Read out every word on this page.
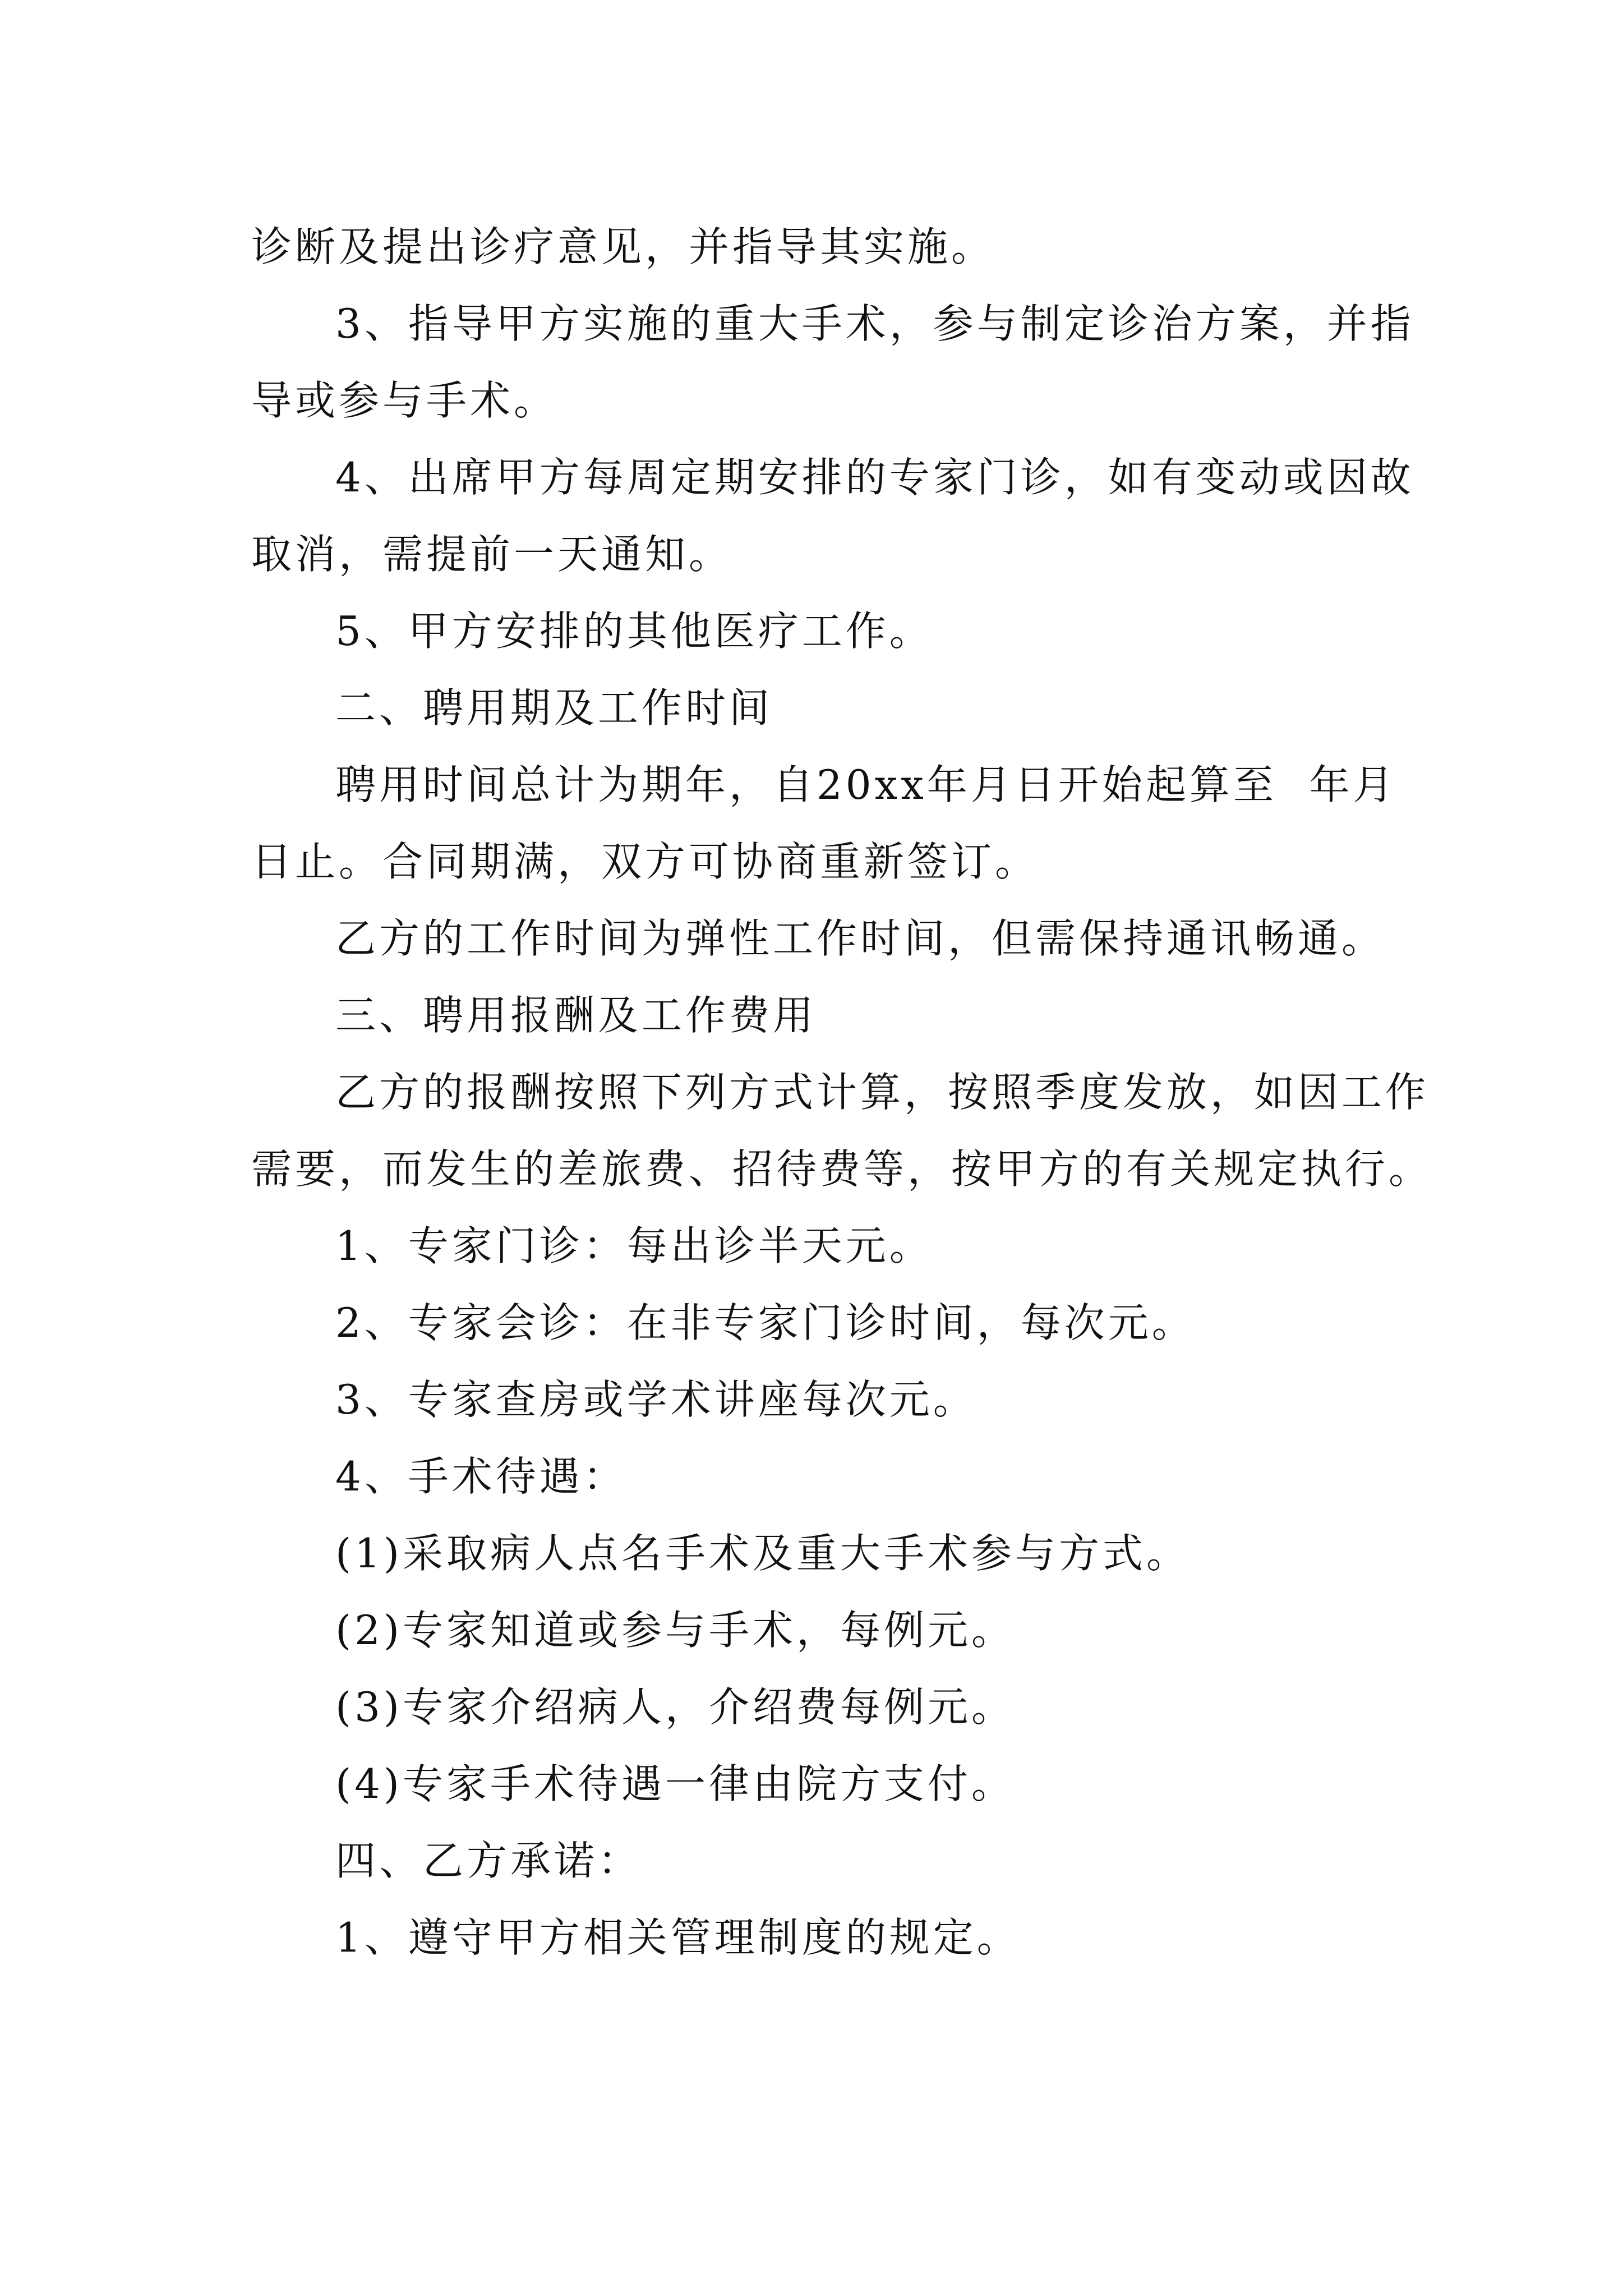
诊断及提出诊疗意见，并指导其实施。

3、指导甲方实施的重大手术，参与制定诊治方案，并指导或参与手术。

4、出席甲方每周定期安排的专家门诊，如有变动或因故取消，需提前一天通知。

5、甲方安排的其他医疗工作。

二、聘用期及工作时间

聘用时间总计为期年，自20xx年月日开始起算至  年月  日止。合同期满，双方可协商重新签订。

乙方的工作时间为弹性工作时间，但需保持通讯畅通。

三、聘用报酬及工作费用

乙方的报酬按照下列方式计算，按照季度发放，如因工作需要，而发生的差旅费、招待费等，按甲方的有关规定执行。

1、专家门诊：每出诊半天元。

2、专家会诊：在非专家门诊时间，每次元。

3、专家查房或学术讲座每次元。

4、手术待遇：

(1)采取病人点名手术及重大手术参与方式。

(2)专家知道或参与手术，每例元。

(3)专家介绍病人，介绍费每例元。

(4)专家手术待遇一律由院方支付。

四、乙方承诺：

1、遵守甲方相关管理制度的规定。
